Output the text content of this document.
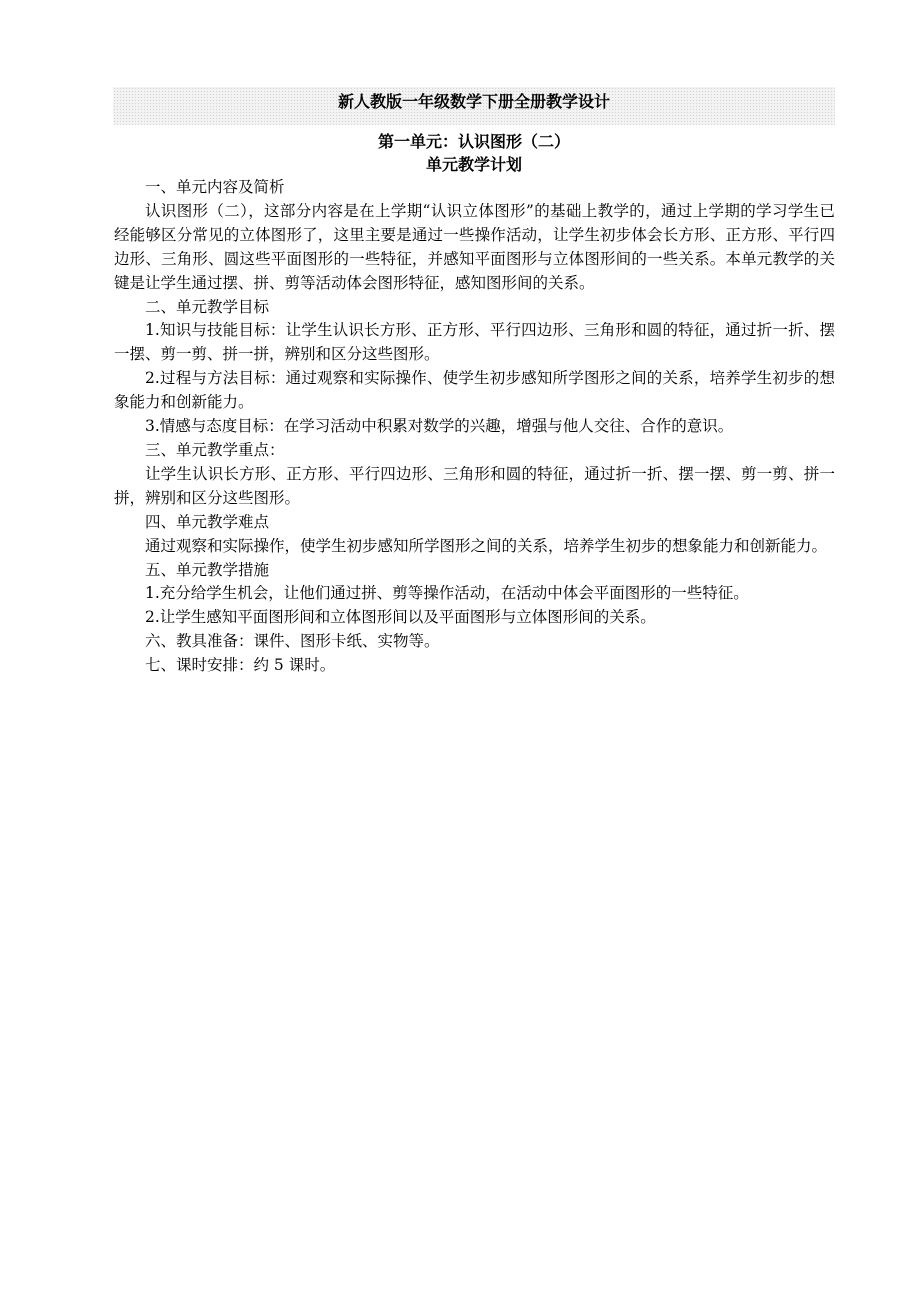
新人教版一年级数学下册全册教学设计
第一单元：认识图形（二）
单元教学计划
一、单元内容及简析

认识图形（二），这部分内容是在上学期“认识立体图形”的基础上教学的，通过上学期的学习学生已经能够区分常见的立体图形了，这里主要是通过一些操作活动，让学生初步体会长方形、正方形、平行四边形、三角形、圆这些平面图形的一些特征，并感知平面图形与立体图形间的一些关系。本单元教学的关键是让学生通过摆、拼、剪等活动体会图形特征，感知图形间的关系。

二、单元教学目标

1.知识与技能目标：让学生认识长方形、正方形、平行四边形、三角形和圆的特征，通过折一折、摆一摆、剪一剪、拼一拼，辨别和区分这些图形。

2.过程与方法目标：通过观察和实际操作、使学生初步感知所学图形之间的关系，培养学生初步的想象能力和创新能力。

3.情感与态度目标：在学习活动中积累对数学的兴趣，增强与他人交往、合作的意识。

三、单元教学重点：

让学生认识长方形、正方形、平行四边形、三角形和圆的特征，通过折一折、摆一摆、剪一剪、拼一拼，辨别和区分这些图形。

四、单元教学难点

通过观察和实际操作，使学生初步感知所学图形之间的关系，培养学生初步的想象能力和创新能力。

五、单元教学措施

1.充分给学生机会，让他们通过拼、剪等操作活动，在活动中体会平面图形的一些特征。

2.让学生感知平面图形间和立体图形间以及平面图形与立体图形间的关系。

六、教具准备：课件、图形卡纸、实物等。
七、课时安排：约 5 课时。
